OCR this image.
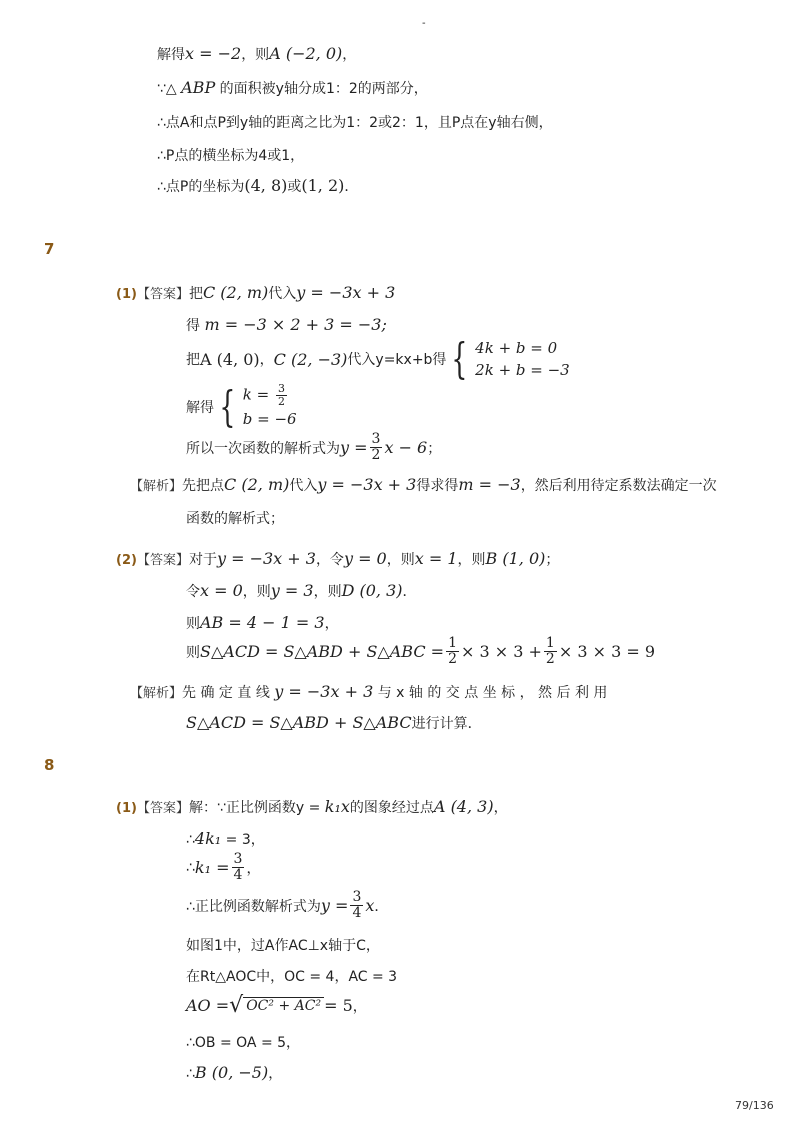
-
解得x = −2，则A (−2, 0)，
∵△ ABP 的面积被y轴分成1：2的两部分，
∴点A和点P到y轴的距离之比为1：2或2：1，且P点在y轴右侧，
∴P点的横坐标为4或1，
∴点P的坐标为(4, 8)或(1, 2)．
7
(1)【答案】把C (2, m)代入y = −3x + 3
得 m = −3 × 2 + 3 = −3;
把 A (4, 0) ， C (2, −3) 代入y=kx+b得 { 4k + b = 0
2k + b = −3
解得 { $k = \frac{3}{2}$
b = −6
所以一次函数的解析式为 $y = \frac{3}{2}$ x − 6 ；
【解析】先把点C (2, m)代入y = −3x + 3得求得m = −3，然后利用待定系数法确定一次
函数的解析式；
(2)【答案】对于y = −3x + 3，令y = 0，则x = 1，则B (1, 0)；
令x = 0，则y = 3，则D (0, 3)．
则AB = 4 − 1 = 3，
则 S△ACD = S△ABD + S△ABC = $\frac{1}{2} \times 3 \times 3 + \frac{1}{2} \times 3 \times 3 = 9$
【解析】先 确 定 直 线 y = −3x + 3 与 x 轴 的 交 点 坐 标 ， 然 后 利 用
S△ACD = S△ABD + S△ABC进行计算．
8
(1)【答案】解：∵正比例函数y = k₁x的图象经过点A (4, 3)，
∴4k₁ = 3，
∴ $k_1 = \frac{3}{4}$ ，
∴正比例函数解析式为 $y = \frac{3}{4}$ x ．
如图1中，过A作AC⊥x轴于C，
在Rt△AOC中，OC = 4，AC = 3
AO = √ OC² + AC² = 5 ，
∴OB = OA = 5，
∴B (0, −5)，
79/136
